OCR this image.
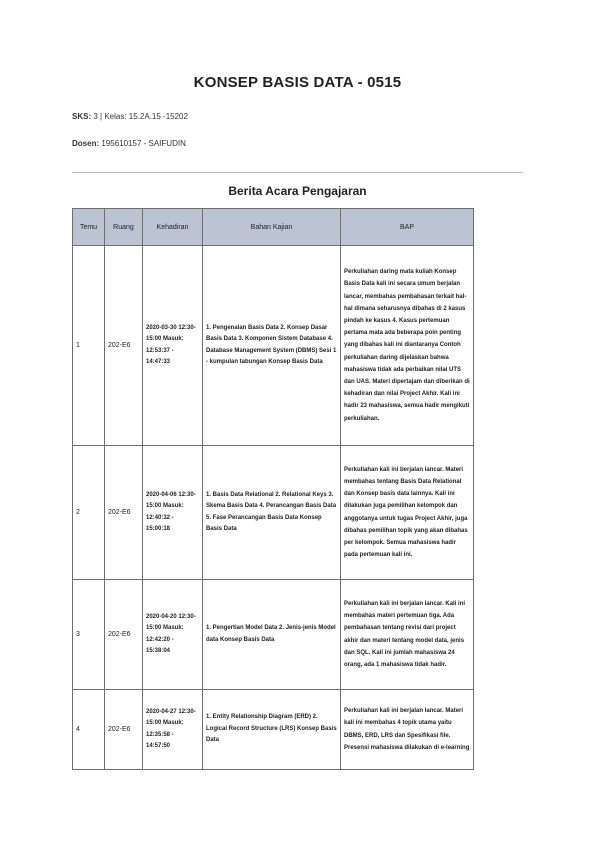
KONSEP BASIS DATA - 0515
SKS: 3 | Kelas: 15.2A.15 -15202
Dosen: 195610157 - SAIFUDIN
Berita Acara Pengajaran
Temu	Ruang	Kehadiran	Bahan Kajian	BAP
1	202-E6	2020-03-30 12:30-15:00 Masuk: 12:53:37 - 14:47:33	1. Pengenalan Basis Data 2. Konsep Dasar Basis Data 3. Komponen Sistem Database 4. Database Management System (DBMS) Sesi 1 - kumpulan tabungan Konsep Basis Data	Perkuliahan daring mata kuliah Konsep Basis Data kali ini secara umum berjalan lancar, membahas pembahasan terkait hal-hal dimana seharusnya dibahas di 2 kasus pindah ke kasus 4. Kasus pertemuan pertama mata ada beberapa poin penting yang dibahas kali ini diantaranya Contoh perkuliahan daring dijelaskan bahwa mahasiswa tidak ada perbaikan nilai UTS dan UAS. Materi dipertajam dan diberikan di kehadiran dan nilai Project Akhir. Kali ini hadir 23 mahasiswa, semua hadir mengikuti perkuliahan.
2	202-E6	2020-04-06 12:30-15:00 Masuk: 12:40:32 - 15:00:18	1. Basis Data Relational 2. Relational Keys 3. Skema Basis Data 4. Perancangan Basis Data 5. Fase Perancangan Basis Data Konsep Basis Data	Perkuliahan kali ini berjalan lancar. Materi membahas tentang Basis Data Relational dan Konsep basis data lainnya. Kali ini dilakukan juga pemilihan kelompok dan anggotanya untuk tugas Project Akhir, juga dibahas pemilihan topik yang akan dibahas per kelompok. Semua mahasiswa hadir pada pertemuan kali ini.
3	202-E6	2020-04-20 12:30-15:00 Masuk: 12:42:20 - 15:38:04	1. Pengertian Model Data 2. Jenis-jenis Model data Konsep Basis Data	Perkuliahan kali ini berjalan lancar. Kali ini membahas materi pertemuan tiga. Ada pembahasan tentang revisi dari project akhir dan materi tentang model data, jenis dan SQL. Kali ini jumlah mahasiswa 24 orang, ada 1 mahasiswa tidak hadir.
4	202-E6	2020-04-27 12:30-15:00 Masuk: 12:35:58 - 14:57:50	1. Entity Relationship Diagram (ERD) 2. Logical Record Structure (LRS) Konsep Basis Data	Perkuliahan kali ini berjalan lancar. Materi kali ini membahas 4 topik utama yaitu DBMS, ERD, LRS dan Spesifikasi file. Presensi mahasiswa dilakukan di e-learning
